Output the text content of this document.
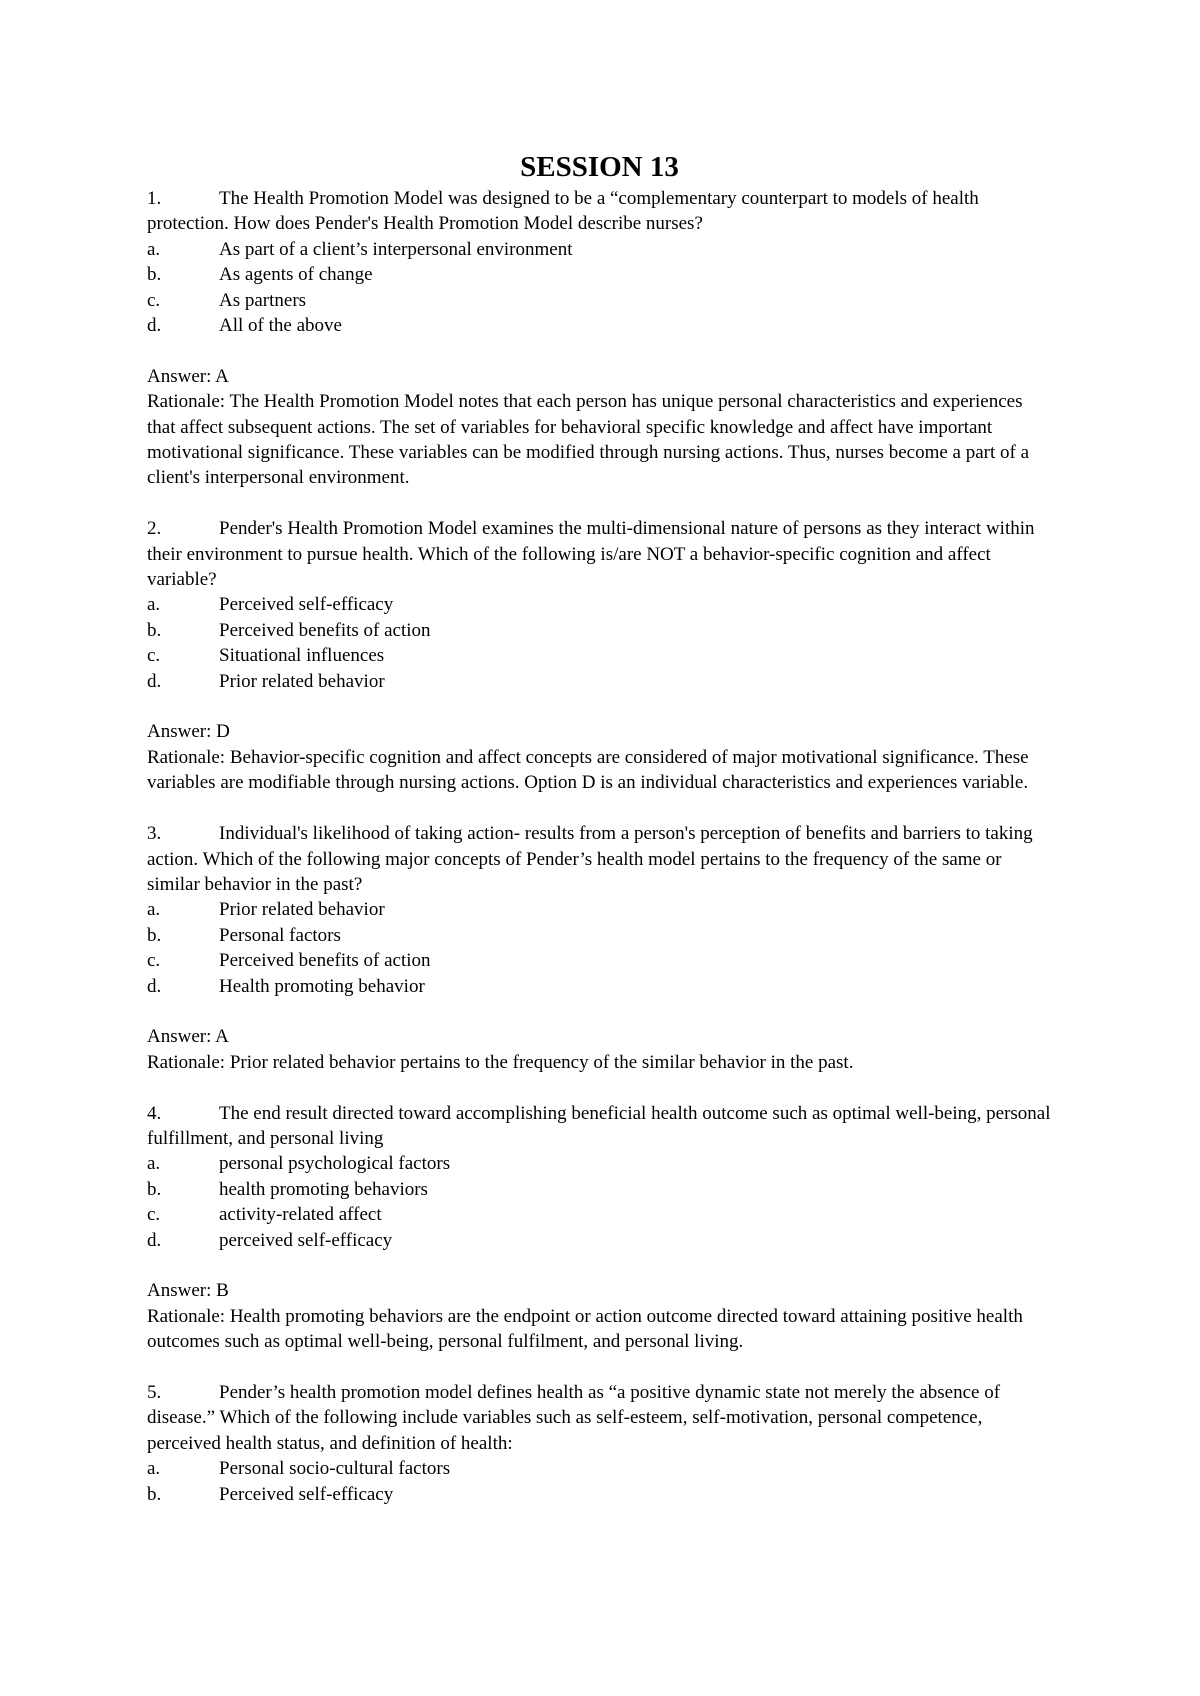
SESSION 13

1.	The Health Promotion Model was designed to be a “complementary counterpart to models of health protection. How does Pender's Health Promotion Model describe nurses?

a.	As part of a client’s interpersonal environment

b.	As agents of change

c.	As partners

d.	All of the above

Answer: A

Rationale: The Health Promotion Model notes that each person has unique personal characteristics and experiences that affect subsequent actions. The set of variables for behavioral specific knowledge and affect have important motivational significance. These variables can be modified through nursing actions. Thus, nurses become a part of a client's interpersonal environment.

2.	Pender's Health Promotion Model examines the multi-dimensional nature of persons as they interact within their environment to pursue health. Which of the following is/are NOT a behavior-specific cognition and affect variable?

a.	Perceived self-efficacy

b.	Perceived benefits of action

c.	Situational influences

d.	Prior related behavior

Answer: D

Rationale: Behavior-specific cognition and affect concepts are considered of major motivational significance. These variables are modifiable through nursing actions. Option D is an individual characteristics and experiences variable.

3.	Individual's likelihood of taking action- results from a person's perception of benefits and barriers to taking action. Which of the following major concepts of Pender’s health model pertains to the frequency of the same or similar behavior in the past?

a.	Prior related behavior

b.	Personal factors

c.	Perceived benefits of action

d.	Health promoting behavior

Answer: A

Rationale: Prior related behavior pertains to the frequency of the similar behavior in the past.

4.	The end result directed toward accomplishing beneficial health outcome such as optimal well-being, personal fulfillment, and personal living

a.	personal psychological factors

b.	health promoting behaviors

c.	activity-related affect

d.	perceived self-efficacy

Answer: B

Rationale: Health promoting behaviors are the endpoint or action outcome directed toward attaining positive health outcomes such as optimal well-being, personal fulfilment, and personal living.

5.	Pender’s health promotion model defines health as “a positive dynamic state not merely the absence of disease.” Which of the following include variables such as self-esteem, self-motivation, personal competence, perceived health status, and definition of health:

a.	Personal socio-cultural factors

b.	Perceived self-efficacy
